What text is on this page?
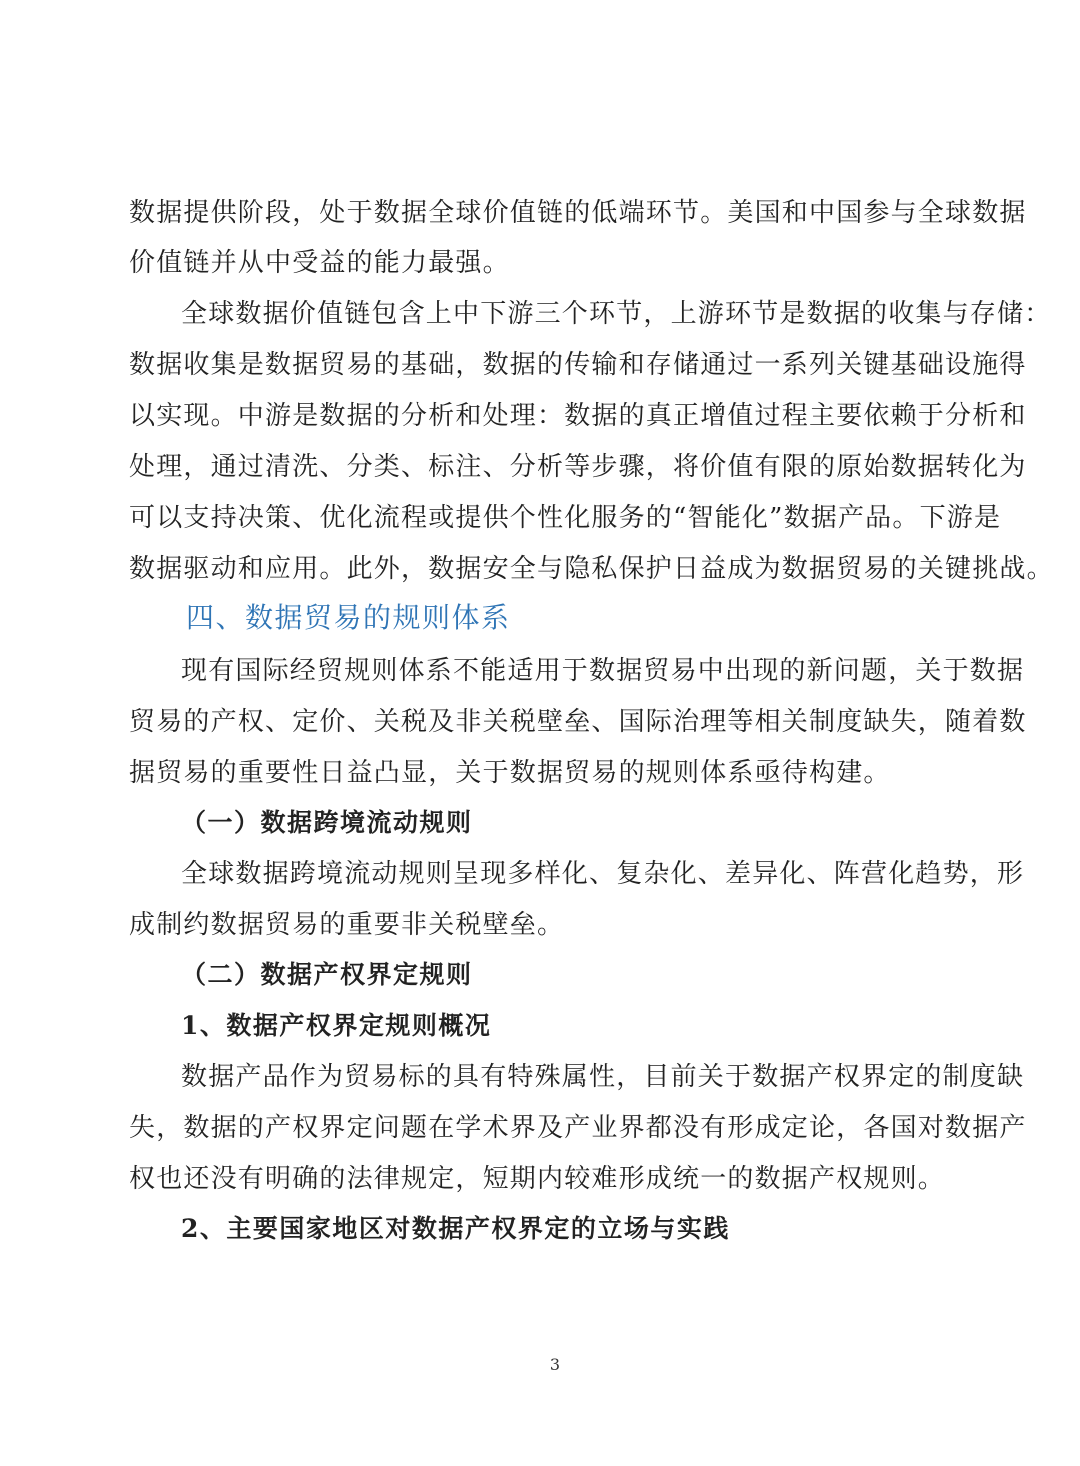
数据提供阶段，处于数据全球价值链的低端环节。美国和中国参与全球数据
价值链并从中受益的能力最强。
全球数据价值链包含上中下游三个环节，上游环节是数据的收集与存储：
数据收集是数据贸易的基础，数据的传输和存储通过一系列关键基础设施得
以实现。中游是数据的分析和处理：数据的真正增值过程主要依赖于分析和
处理，通过清洗、分类、标注、分析等步骤，将价值有限的原始数据转化为
可以支持决策、优化流程或提供个性化服务的“智能化”数据产品。下游是
数据驱动和应用。此外，数据安全与隐私保护日益成为数据贸易的关键挑战。
四、数据贸易的规则体系
现有国际经贸规则体系不能适用于数据贸易中出现的新问题，关于数据
贸易的产权、定价、关税及非关税壁垒、国际治理等相关制度缺失，随着数
据贸易的重要性日益凸显，关于数据贸易的规则体系亟待构建。
（一）数据跨境流动规则
全球数据跨境流动规则呈现多样化、复杂化、差异化、阵营化趋势，形
成制约数据贸易的重要非关税壁垒。
（二）数据产权界定规则
1、数据产权界定规则概况
数据产品作为贸易标的具有特殊属性，目前关于数据产权界定的制度缺
失，数据的产权界定问题在学术界及产业界都没有形成定论，各国对数据产
权也还没有明确的法律规定，短期内较难形成统一的数据产权规则。
2、主要国家地区对数据产权界定的立场与实践
3
